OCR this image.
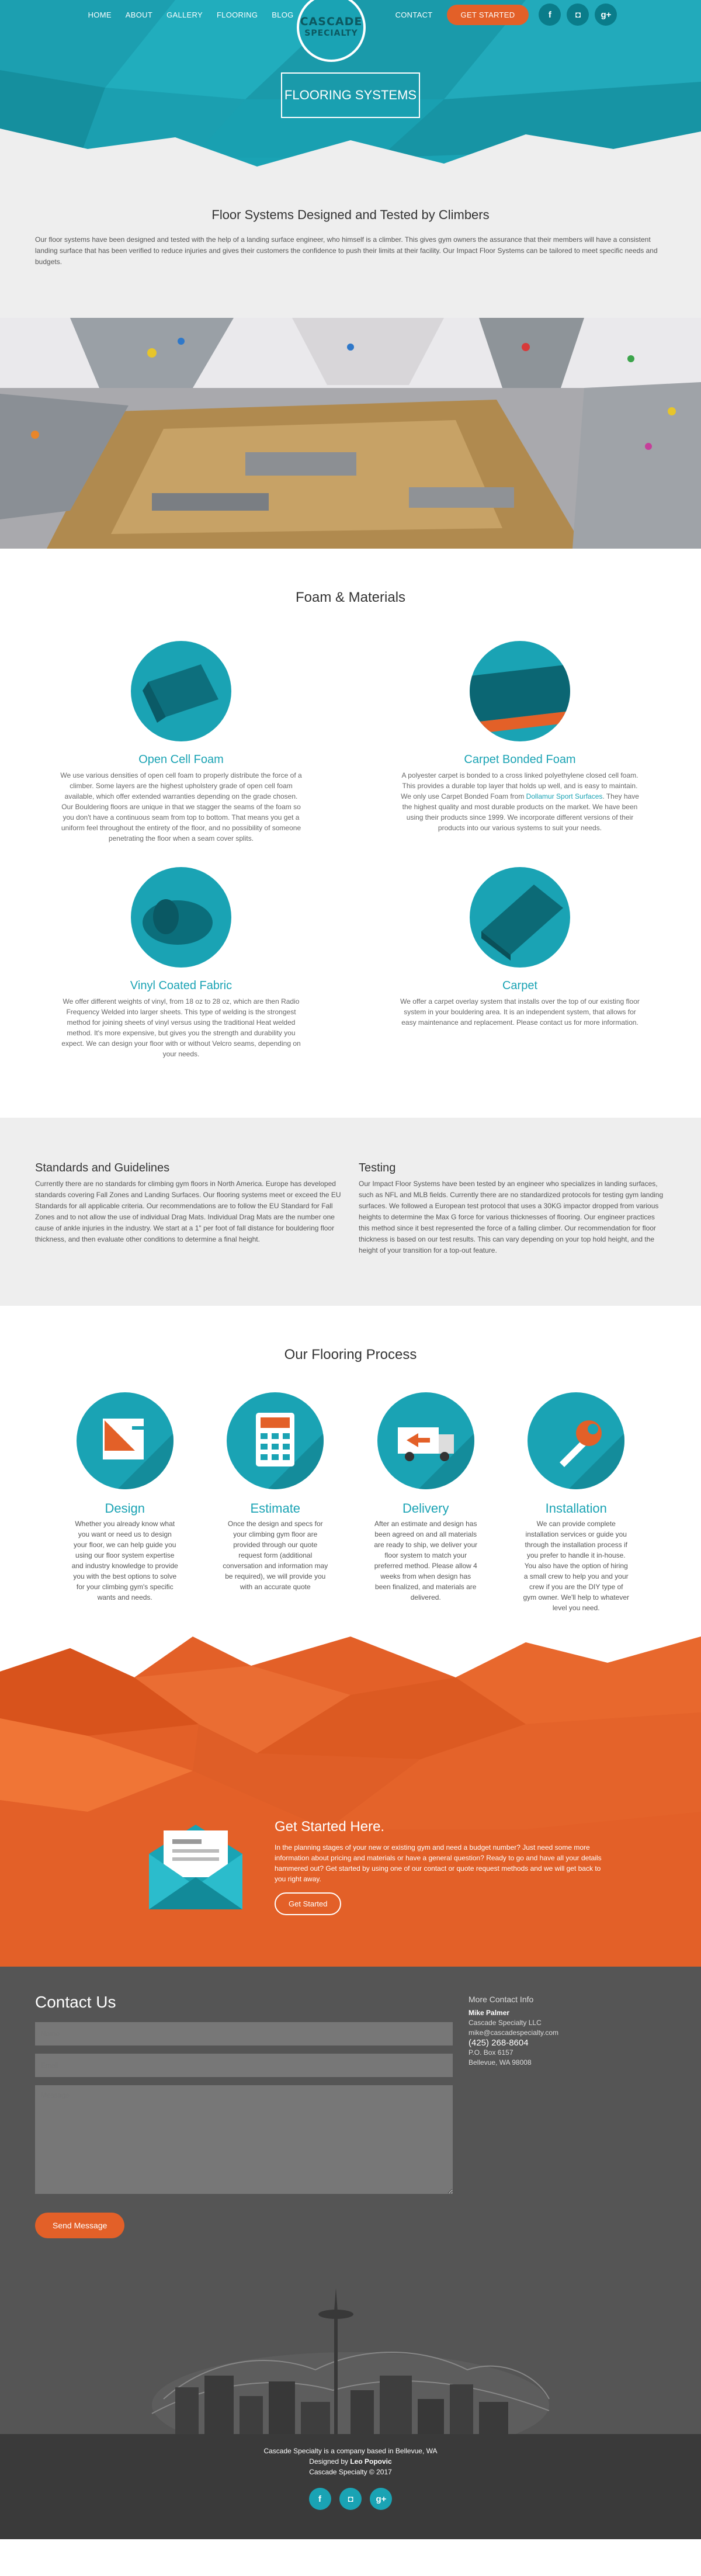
HOME ABOUT GALLERY FLOORING BLOG	CONTACT	GET STARTED	f	◘	g+
CASCADE
SPECIALTY
FLOORING SYSTEMS
Floor Systems Designed and Tested by Climbers

Our floor systems have been designed and tested with the help of a landing surface engineer, who himself is a climber. This gives gym owners the assurance that their members will have a consistent landing surface that has been verified to reduce injuries and gives their customers the confidence to push their limits at their facility. Our Impact Floor Systems can be tailored to meet specific needs and budgets.

Foam & Materials
Open Cell Foam

We use various densities of open cell foam to properly distribute the force of a climber. Some layers are the highest upholstery grade of open cell foam available, which offer extended warranties depending on the grade chosen. Our Bouldering floors are unique in that we stagger the seams of the foam so you don't have a continuous seam from top to bottom. That means you get a uniform feel throughout the entirety of the floor, and no possibility of someone penetrating the floor when a seam cover splits.

Carpet Bonded Foam

A polyester carpet is bonded to a cross linked polyethylene closed cell foam. This provides a durable top layer that holds up well, and is easy to maintain. We only use Carpet Bonded Foam from Dollamur Sport Surfaces. They have the highest quality and most durable products on the market. We have been using their products since 1999. We incorporate different versions of their products into our various systems to suit your needs.

Vinyl Coated Fabric

We offer different weights of vinyl, from 18 oz to 28 oz, which are then Radio Frequency Welded into larger sheets. This type of welding is the strongest method for joining sheets of vinyl versus using the traditional Heat welded method. It's more expensive, but gives you the strength and durability you expect. We can design your floor with or without Velcro seams, depending on your needs.

Carpet

We offer a carpet overlay system that installs over the top of our existing floor system in your bouldering area. It is an independent system, that allows for easy maintenance and replacement. Please contact us for more information.

Standards and Guidelines

Currently there are no standards for climbing gym floors in North America. Europe has developed standards covering Fall Zones and Landing Surfaces. Our flooring systems meet or exceed the EU Standards for all applicable criteria. Our recommendations are to follow the EU Standard for Fall Zones and to not allow the use of individual Drag Mats. Individual Drag Mats are the number one cause of ankle injuries in the industry. We start at a 1" per foot of fall distance for bouldering floor thickness, and then evaluate other conditions to determine a final height.

Testing

Our Impact Floor Systems have been tested by an engineer who specializes in landing surfaces, such as NFL and MLB fields. Currently there are no standardized protocols for testing gym landing surfaces. We followed a European test protocol that uses a 30KG impactor dropped from various heights to determine the Max G force for various thicknesses of flooring. Our engineer practices this method since it best represented the force of a falling climber. Our recommendation for floor thickness is based on our test results. This can vary depending on your top hold height, and the height of your transition for a top-out feature.

Our Flooring Process
Design

Whether you already know what you want or need us to design your floor, we can help guide you using our floor system expertise and industry knowledge to provide you with the best options to solve for your climbing gym's specific wants and needs.

Estimate

Once the design and specs for your climbing gym floor are provided through our quote request form (additional conversation and information may be required), we will provide you with an accurate quote

Delivery

After an estimate and design has been agreed on and all materials are ready to ship, we deliver your floor system to match your preferred method. Please allow 4 weeks from when design has been finalized, and materials are delivered.

Installation

We can provide complete installation services or guide you through the installation process if you prefer to handle it in-house. You also have the option of hiring a small crew to help you and your crew if you are the DIY type of gym owner. We'll help to whatever level you need.

Get Started Here.

In the planning stages of your new or existing gym and need a budget number? Just need some more information about pricing and materials or have a general question? Ready to go and have all your details hammered out? Get started by using one of our contact or quote request methods and we will get back to you right away.

Get Started
Contact Us
Name
Email
Message Send Message
More Contact Info
Mike Palmer
Cascade Specialty LLC
mike@cascadespecialty.com
(425) 268-8604
P.O. Box 6157
Bellevue, WA 98008

Cascade Specialty is a company based in Bellevue, WA

Designed by Leo Popovic

Cascade Specialty © 2017

f	◘	g+
